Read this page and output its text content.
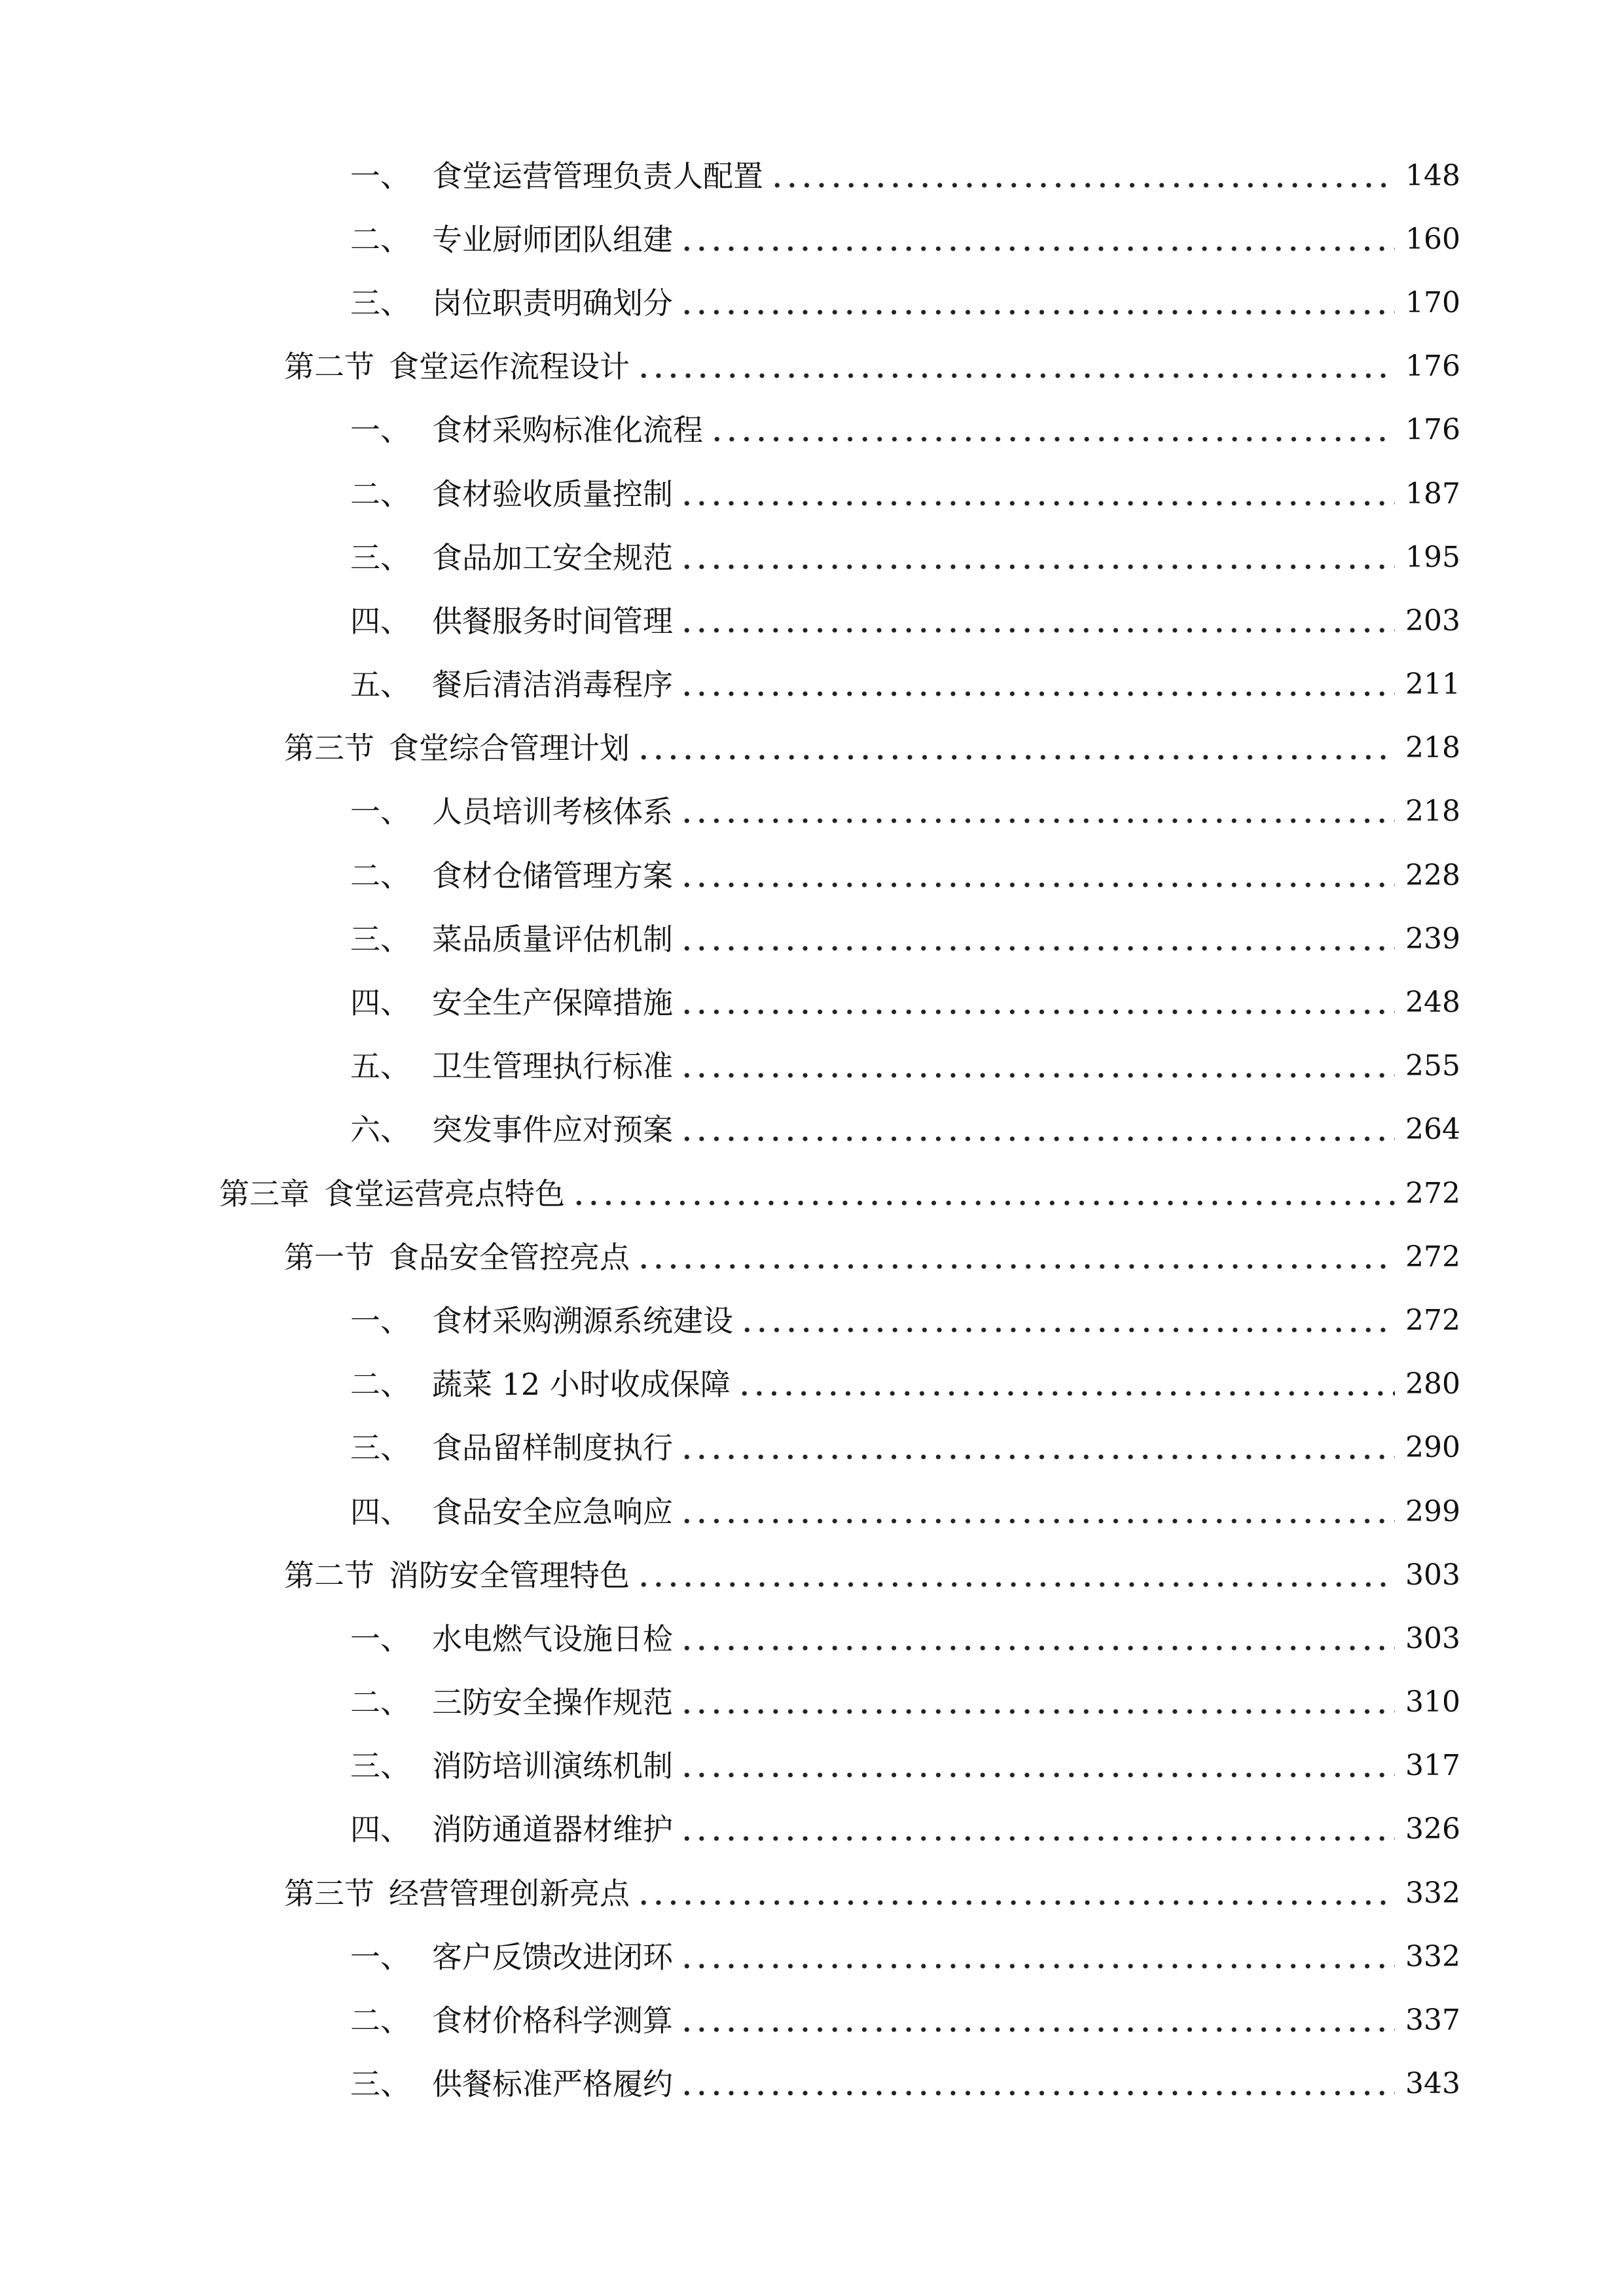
一、 食堂运营管理负责人配置	148
二、 专业厨师团队组建	160
三、 岗位职责明确划分	170
第二节 食堂运作流程设计	176
一、 食材采购标准化流程	176
二、 食材验收质量控制	187
三、 食品加工安全规范	195
四、 供餐服务时间管理	203
五、 餐后清洁消毒程序	211
第三节 食堂综合管理计划	218
一、 人员培训考核体系	218
二、 食材仓储管理方案	228
三、 菜品质量评估机制	239
四、 安全生产保障措施	248
五、 卫生管理执行标准	255
六、 突发事件应对预案	264
第三章 食堂运营亮点特色	272
第一节 食品安全管控亮点	272
一、 食材采购溯源系统建设	272
二、 蔬菜 12 小时收成保障	280
三、 食品留样制度执行	290
四、 食品安全应急响应	299
第二节 消防安全管理特色	303
一、 水电燃气设施日检	303
二、 三防安全操作规范	310
三、 消防培训演练机制	317
四、 消防通道器材维护	326
第三节 经营管理创新亮点	332
一、 客户反馈改进闭环	332
二、 食材价格科学测算	337
三、 供餐标准严格履约	343
